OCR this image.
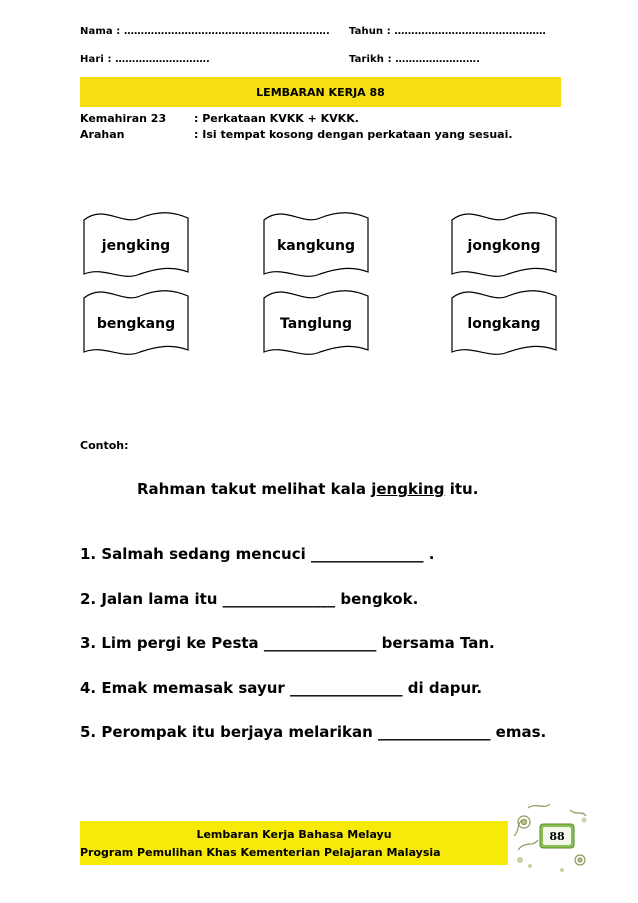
Nama : ……………………………………………………. Tahun : ………………………………………
Hari : ……………………….	Tarikh : …………………….
LEMBARAN KERJA 88
Kemahiran 23	: Perkataan KVKK + KVKK.
Arahan	: Isi tempat kosong dengan perkataan yang sesuai.
jengking	kangkung	jongkong
bengkang	Tanglung	longkang
Contoh:
Rahman takut melihat kala jengking itu.
1. Salmah sedang mencuci _______________ .
2. Jalan lama itu _______________ bengkok.
3. Lim pergi ke Pesta _______________ bersama Tan.
4. Emak memasak sayur _______________ di dapur.
5. Perompak itu berjaya melarikan _______________ emas.
Lembaran Kerja Bahasa Melayu
Program Pemulihan Khas Kementerian Pelajaran Malaysia
88
